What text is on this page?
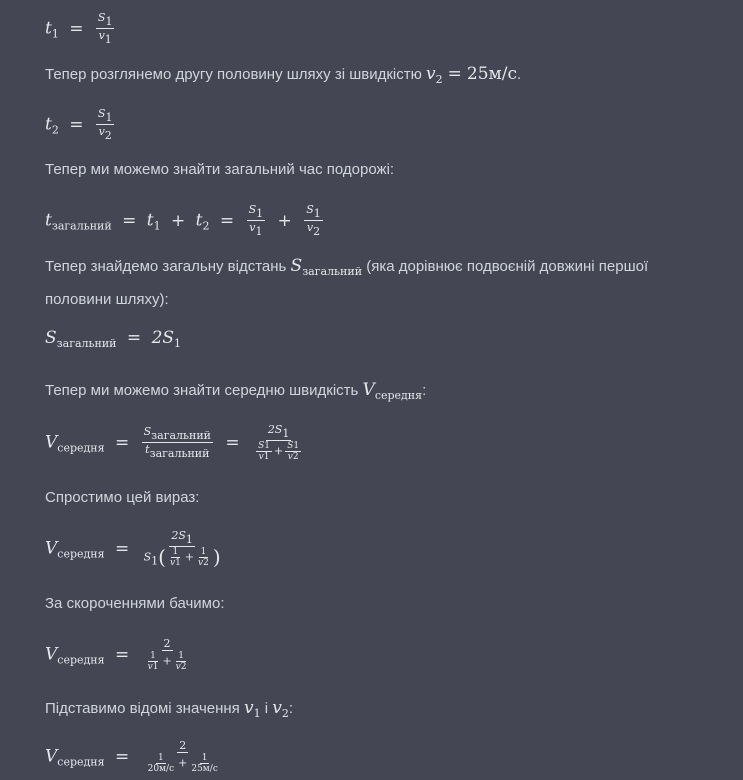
$t_1 = \frac{S1}{v1}$
Тепер розглянемо другу половину шляху зі швидкістю $v_2 = 25м/с$.
$t_2 = \frac{S1}{v2}$
Тепер ми можемо знайти загальний час подорожі:
$t_{загальний} = t_1 + t_2 = \frac{S1}{v1} + \frac{S1}{v2}$
Тепер знайдемо загальну відстань $S_{загальний}$ (яка дорівнює подвоєній довжині першої
половини шляху):
$S_{загальний} = 2S_1$
Тепер ми можемо знайти середню швидкість $V_{середня}$:
$V_{середня} = \frac{\text{Sзагальний}}{\text{tзагальний}} = \frac{2S1}{\frac{S1}{v1} + \frac{S1}{v2}}$
Спростимо цей вираз:
$V_{середня} = \frac{2S1}{S1( \frac{1}{v1} + \frac{1}{v2} )}$
За скороченнями бачимо:
$V_{середня} = \frac{2}{\frac{1}{v1} + \frac{1}{v2}}$
Підставимо відомі значення $v_1$ і $v_2$:
$V_{середня} = \frac{2}{\frac{1}{20м/с} + \frac{1}{25м/с}}$
